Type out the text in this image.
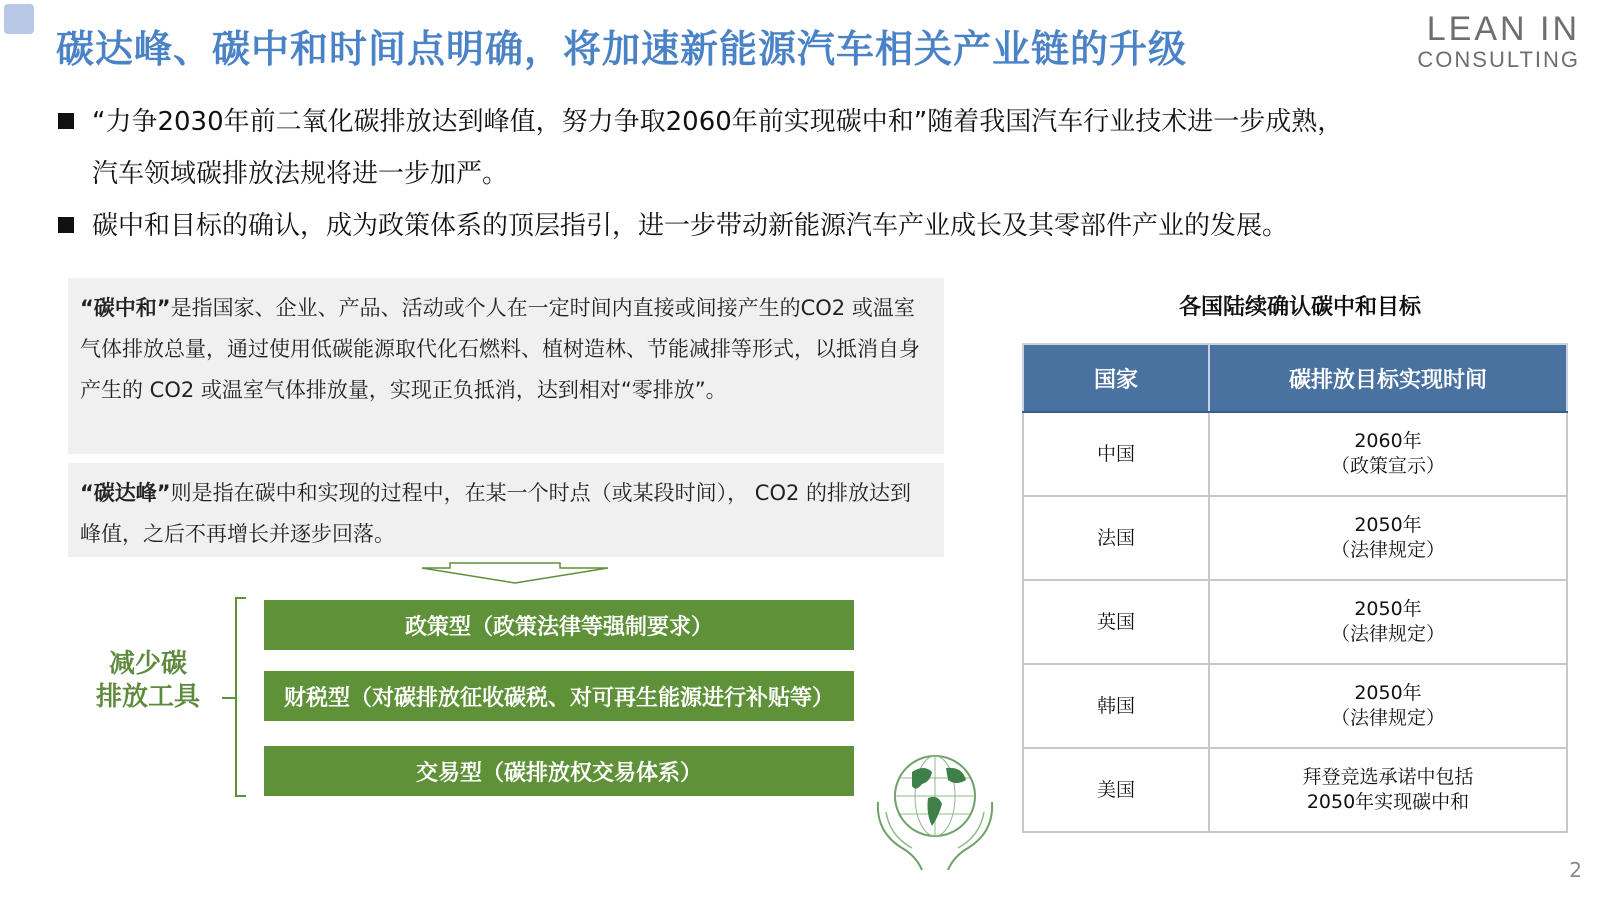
碳达峰、碳中和时间点明确，将加速新能源汽车相关产业链的升级	LEAN IN
CONSULTING
“力争2030年前二氧化碳排放达到峰值，努力争取2060年前实现碳中和”随着我国汽车行业技术进一步成熟，
汽车领域碳排放法规将进一步加严。
碳中和目标的确认，成为政策体系的顶层指引，进一步带动新能源汽车产业成长及其零部件产业的发展。
“碳中和”是指国家、企业、产品、活动或个人在一定时间内直接或间接产生的CO2 或温室气体排放总量，通过使用低碳能源取代化石燃料、植树造林、节能减排等形式，以抵消自身产生的 CO2 或温室气体排放量，实现正负抵消，达到相对“零排放”。
“碳达峰”则是指在碳中和实现的过程中，在某一个时点（或某段时间）， CO2 的排放达到峰值，之后不再增长并逐步回落。
减少碳
排放工具
政策型（政策法律等强制要求）
财税型（对碳排放征收碳税、对可再生能源进行补贴等）
交易型（碳排放权交易体系）
各国陆续确认碳中和目标
国家	碳排放目标实现时间
中国	2060年
（政策宣示）

法国	2050年
（法律规定）

英国	2050年
（法律规定）

韩国	2050年
（法律规定）

美国	拜登竞选承诺中包括
2050年实现碳中和
2
